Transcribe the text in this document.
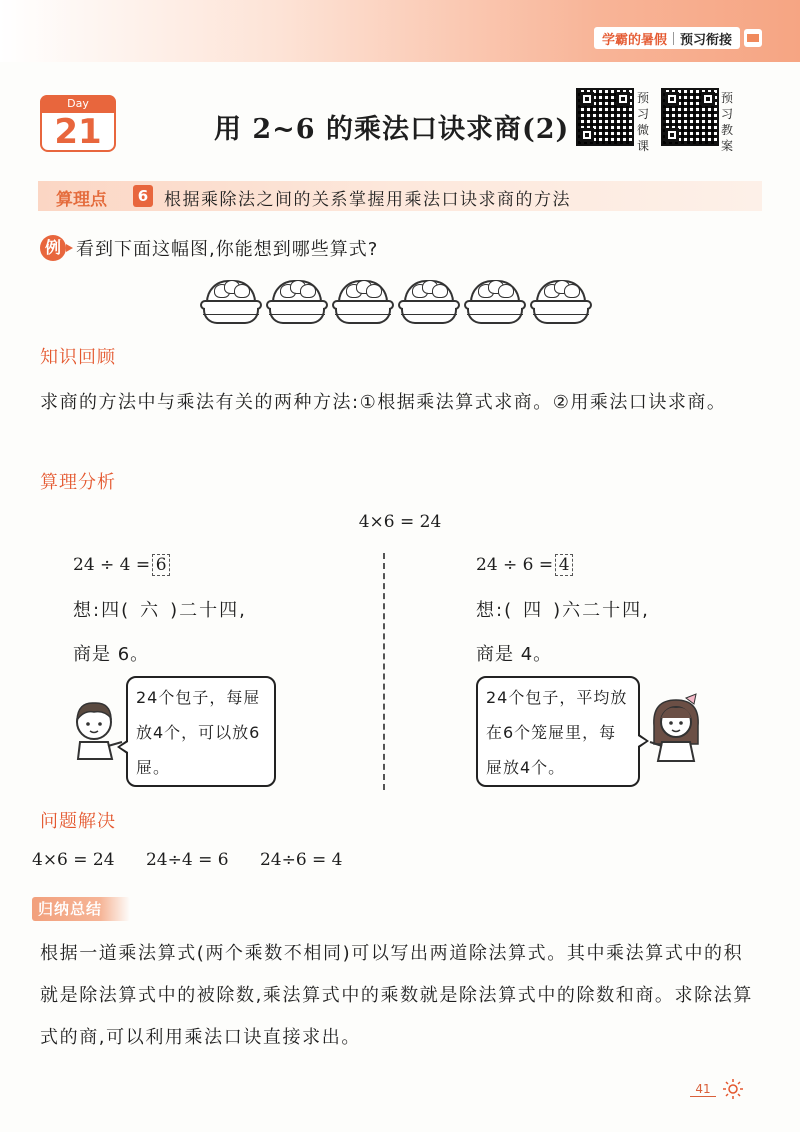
学霸的暑假 预习衔接
Day
21	用 2~6 的乘法口诀求商(2)
预习微课
预习教案
算理点	6 根据乘除法之间的关系掌握用乘法口诀求商的方法
例 看到下面这幅图,你能想到哪些算式?
知识回顾
求商的方法中与乘法有关的两种方法:①根据乘法算式求商。②用乘法口诀求商。
算理分析
4×6 = 24
24 ÷ 4 = 6
想:四( 六 )二十四,
商是 6。
24 ÷ 6 = 4
想:( 四 )六二十四,
商是 4。
24个包子，每屉放4个，可以放6屉。
24个包子，平均放在6个笼屉里，每屉放4个。
问题解决
4×6 = 24 24÷4 = 6 24÷6 = 4
归纳总结
根据一道乘法算式(两个乘数不相同)可以写出两道除法算式。其中乘法算式中的积就是除法算式中的被除数,乘法算式中的乘数就是除法算式中的除数和商。求除法算式的商,可以利用乘法口诀直接求出。
41
